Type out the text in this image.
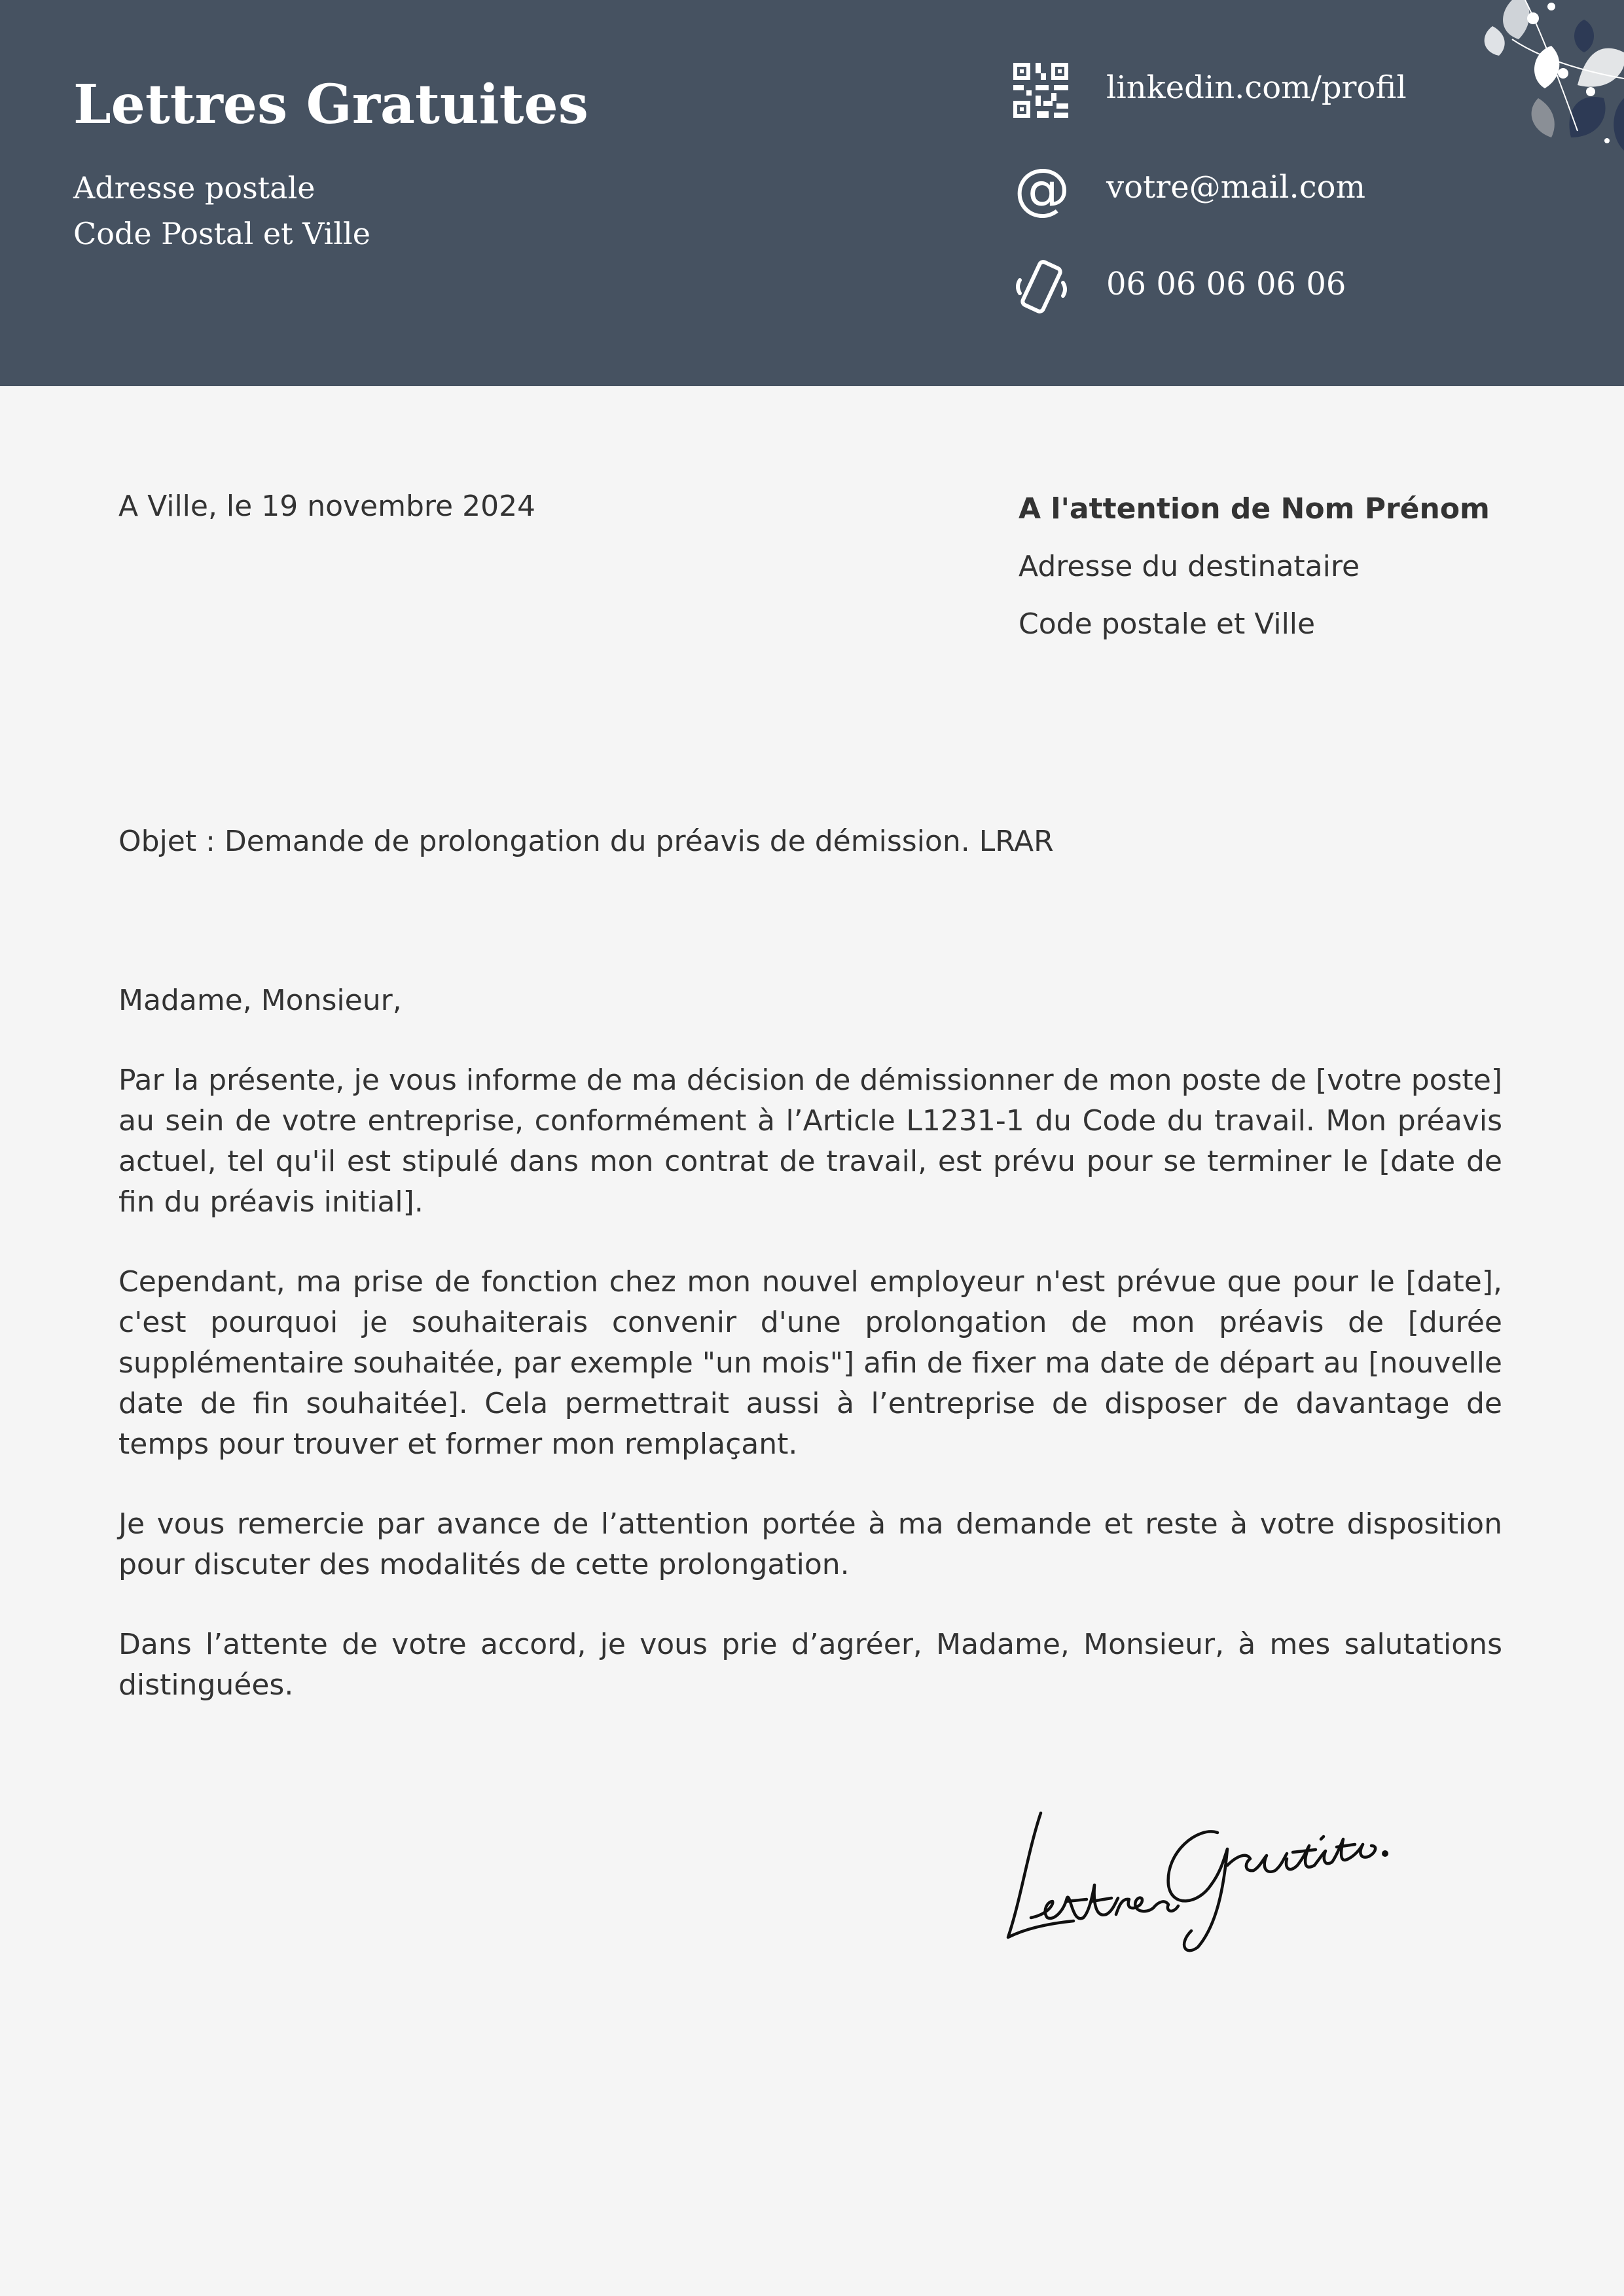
Lettres Gratuites
Adresse postale
Code Postal et Ville
linkedin.com/profil
@ votre@mail.com
06 06 06 06 06
A Ville, le 19 novembre 2024	A l'attention de Nom Prénom
Adresse du destinataire
Code postale et Ville
Objet : Demande de prolongation du préavis de démission. LRAR

Madame, Monsieur,

Par la présente, je vous informe de ma décision de démissionner de mon poste de [votre poste] au sein de votre entreprise, conformément à l’Article L1231-1 du Code du travail. Mon préavis actuel, tel qu'il est stipulé dans mon contrat de travail, est prévu pour se terminer le [date de fin du préavis initial].

Cependant, ma prise de fonction chez mon nouvel employeur n'est prévue que pour le [date], c'est pourquoi je souhaiterais convenir d'une prolongation de mon préavis de [durée supplémentaire souhaitée, par exemple "un mois"] afin de fixer ma date de départ au [nouvelle date de fin souhaitée]. Cela permettrait aussi à l’entreprise de disposer de davantage de temps pour trouver et former mon remplaçant.

Je vous remercie par avance de l’attention portée à ma demande et reste à votre disposition pour discuter des modalités de cette prolongation.

Dans l’attente de votre accord, je vous prie d’agréer, Madame, Monsieur, à mes salutations distinguées.
